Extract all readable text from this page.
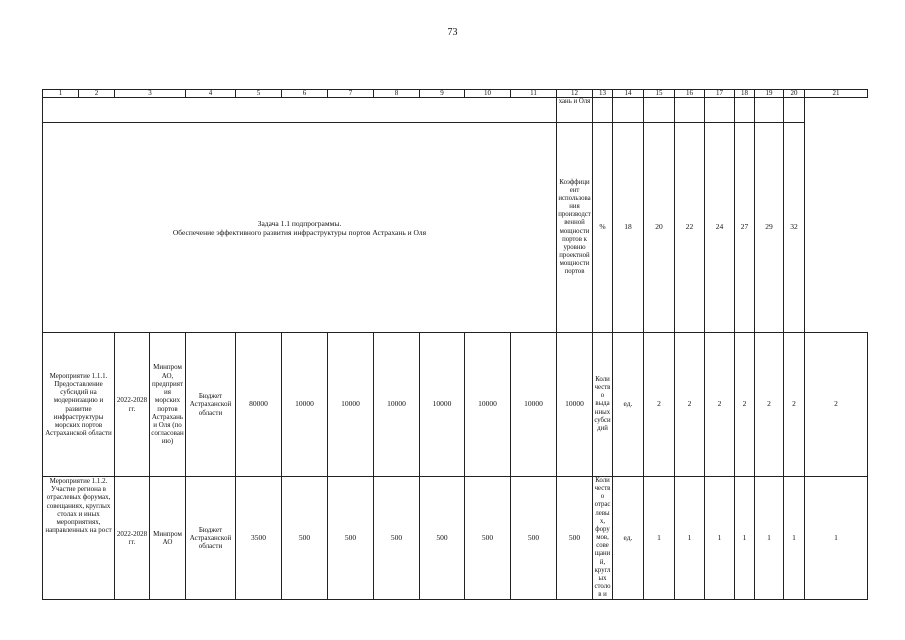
73
1	2	3		4	5	6	7	8	9	10	11	12	13	14	15	16	17	18	19	20	21
												хань и Оля									

Задача 1.1 подпрограммы.
Обеспечение эффективного развития инфраструктуры портов Астрахань и Оля												Коэффициент использования производственной мощности портов к уровню проектной мощности портов	%	18	20	22	24	27	29	32	
Мероприятие 1.1.1. Предоставление субсидий на модернизацию и развитие инфраструктуры морских портов Астраханской области		2022-2028 гг.	Минпром АО, предприятия морских портов Астрахань и Оля (по согласованию)	Бюджет Астраханской области	80000	10000	10000	10000	10000	10000	10000	10000	Количество выданных субсидий	ед.	2	2	2	2	2	2	2
Мероприятие 1.1.2. Участие региона в отраслевых форумах, совещаниях, круглых столах и иных мероприятиях, направленных на рост		2022-2028 гг.	Минпром АО	Бюджет Астраханской области	3500	500	500	500	500	500	500	500	Количество отраслевых, форумов, совещаний, круглых столов и	ед.	1	1	1	1	1	1	1
